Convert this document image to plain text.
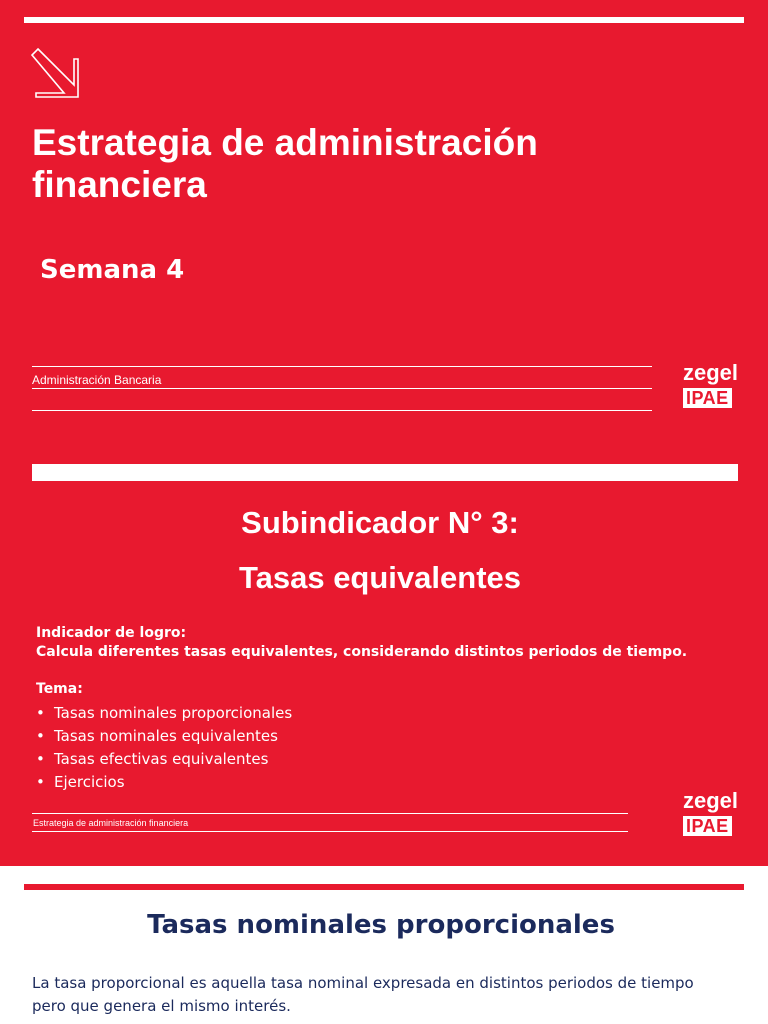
Estrategia de administración financiera
Semana 4
Administración Bancaria	zegel
IPAE
Subindicador N° 3:
Tasas equivalentes
Indicador de logro:
Calcula diferentes tasas equivalentes, considerando distintos periodos de tiempo.
Tema:
• Tasas nominales proporcionales
• Tasas nominales equivalentes
• Tasas efectivas equivalentes
• Ejercicios
Estrategia de administración financiera
zegel
IPAE
Tasas nominales proporcionales
La tasa proporcional es aquella tasa nominal expresada en distintos periodos de tiempo
pero que genera el mismo interés.
